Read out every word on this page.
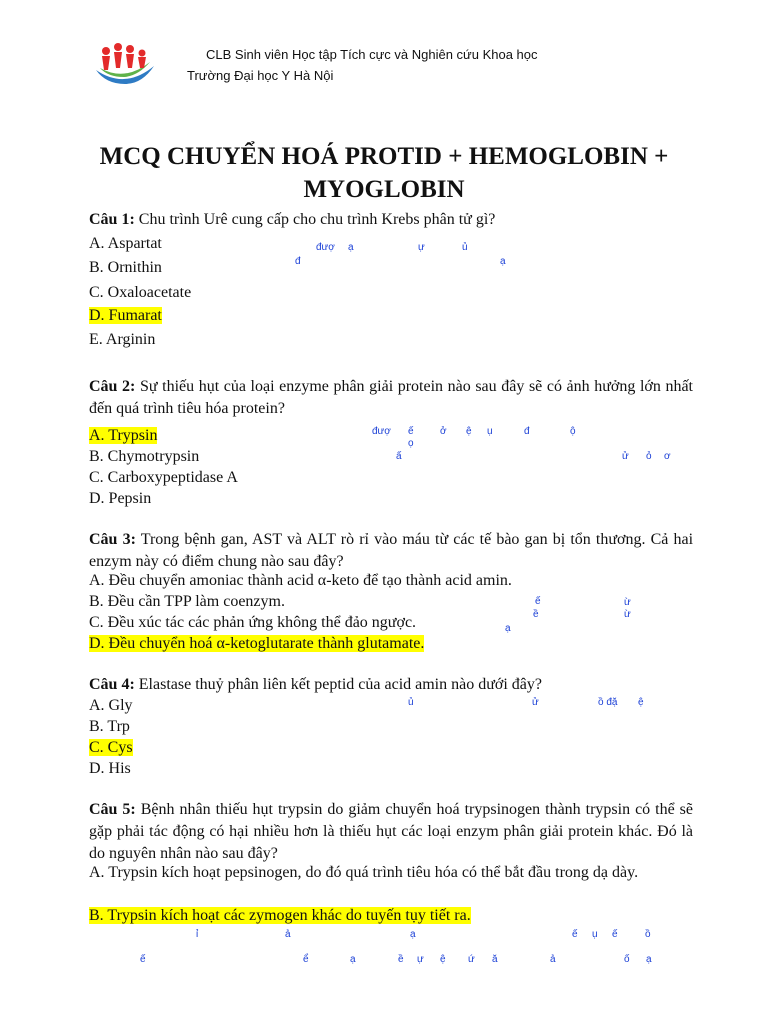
CLB Sinh viên Học tập Tích cực và Nghiên cứu Khoa học
Trường Đại học Y Hà Nội
MCQ CHUYỂN HOÁ PROTID + HEMOGLOBIN +
MYOGLOBIN
Câu 1: Chu trình Urê cung cấp cho chu trình Krebs phân tử gì?
A. Aspartat
B. Ornithin
C. Oxaloacetate
D. Fumarat
E. Arginin
Câu 2: Sự thiếu hụt của loại enzyme phân giải protein nào sau đây sẽ có ảnh hưởng lớn nhất đến quá trình tiêu hóa protein?
A. Trypsin
B. Chymotrypsin
C. Carboxypeptidase A
D. Pepsin
Câu 3: Trong bệnh gan, AST và ALT rò rỉ vào máu từ các tế bào gan bị tổn thương. Cả hai enzym này có điểm chung nào sau đây?
A. Đều chuyển amoniac thành acid α-keto để tạo thành acid amin.
B. Đều cần TPP làm coenzym.
C. Đều xúc tác các phản ứng không thể đảo ngược.
D. Đều chuyển hoá α-ketoglutarate thành glutamate.
Câu 4: Elastase thuỷ phân liên kết peptid của acid amin nào dưới đây?
A. Gly
B. Trp
C. Cys
D. His
Câu 5: Bệnh nhân thiếu hụt trypsin do giảm chuyển hoá trypsinogen thành trypsin có thể sẽ gặp phải tác động có hại nhiều hơn là thiếu hụt các loại enzym phân giải protein khác. Đó là do nguyên nhân nào sau đây?
A. Trypsin kích hoạt pepsinogen, do đó quá trình tiêu hóa có thể bắt đầu trong dạ dày.
B. Trypsin kích hoạt các zymogen khác do tuyến tụy tiết ra.
đượ ạ	ự	ủ
đ	ạ
đượ ế	ở ệ ụ	đ	ộ
ọ
ấ	ử ỏ ơ
ế	ừ
ề	ừ
ạ
ủ	ử	ồ đặ ệ
ỉ	ả	ạ	ế ụ ế	ồ
ế	ể	ạ	ề ự ệ ứ ă	ả	ố ạ
